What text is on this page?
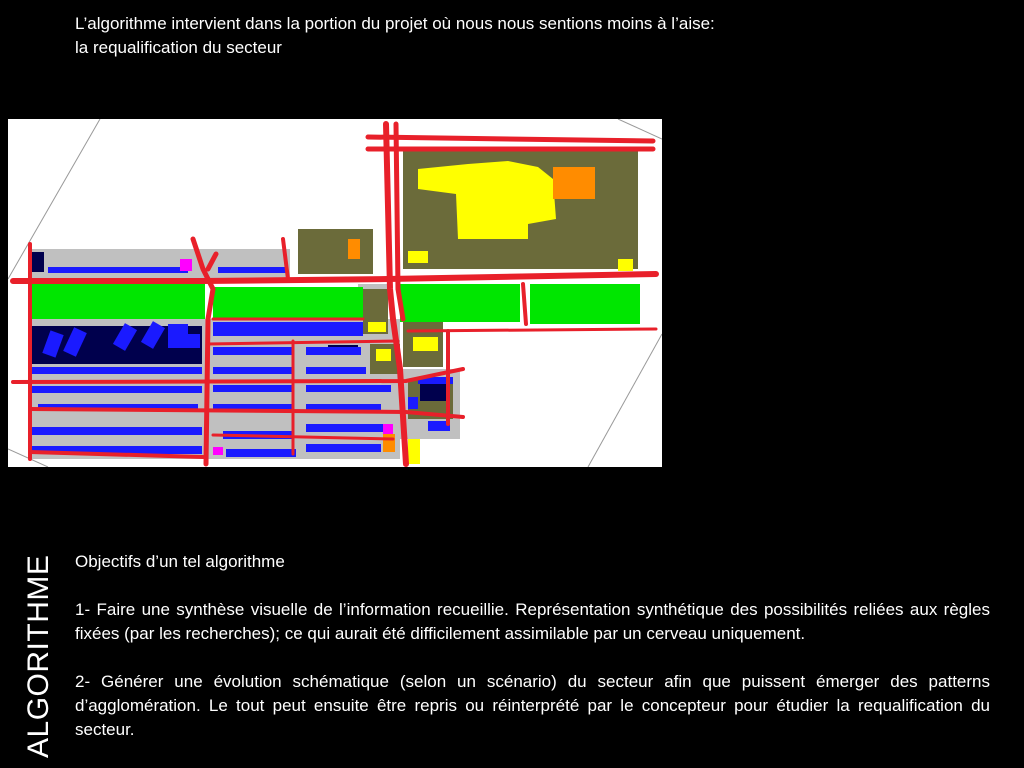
L’algorithme intervient dans la portion du projet où nous nous sentions moins à l’aise:
la requalification du secteur
ALGORITHME Objectifs d’un tel algorithme

1- Faire une synthèse visuelle de l’information recueillie. Représentation synthétique des possibilités reliées aux règles fixées (par les recherches); ce qui aurait été difficilement assimilable par un cerveau uniquement.

2- Générer une évolution schématique (selon un scénario) du secteur afin que puissent émerger des patterns d’agglomération. Le tout peut ensuite être repris ou réinterprété par le concepteur pour étudier la requalification du secteur.
